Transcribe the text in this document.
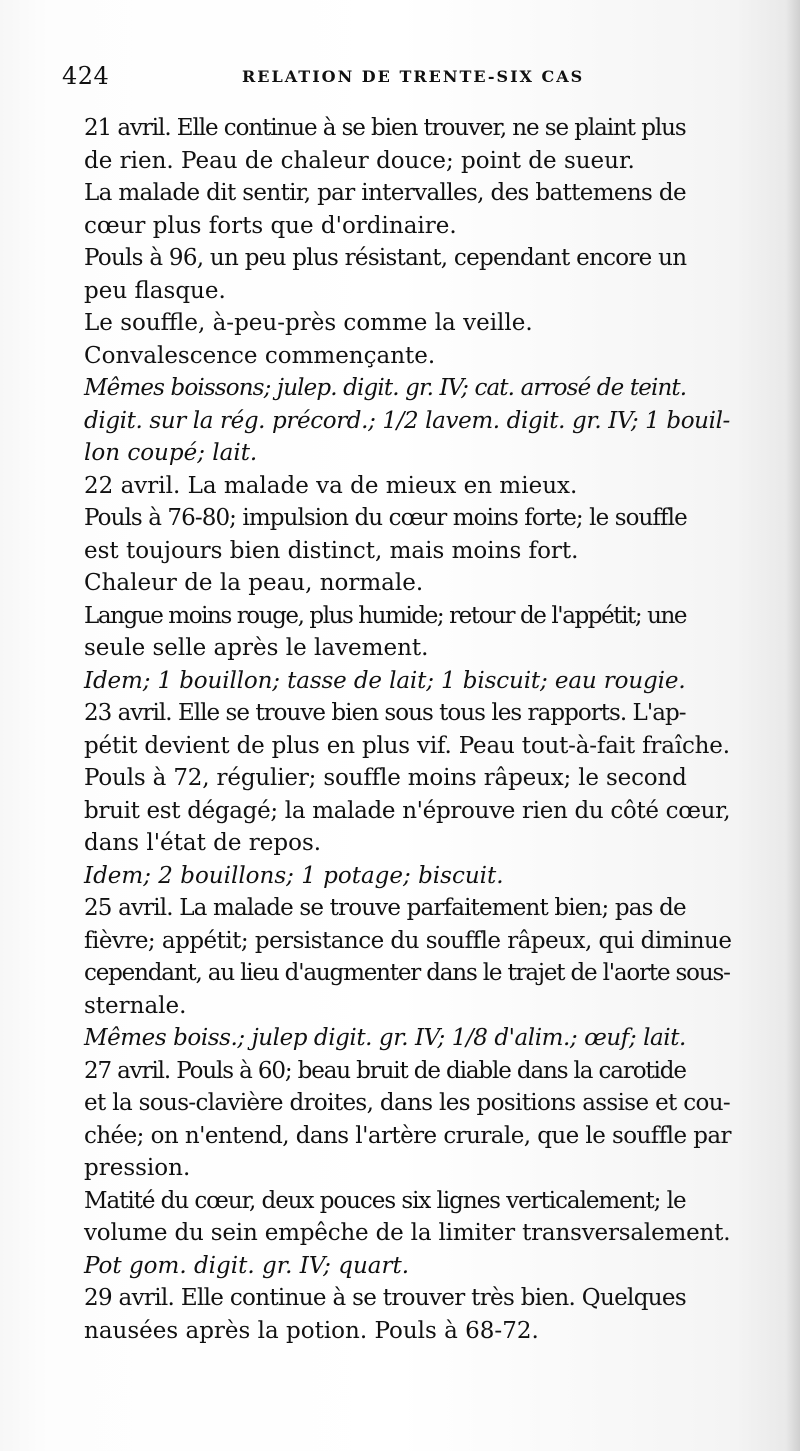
424	RELATION DE TRENTE-SIX CAS

21 avril. Elle continue à se bien trouver, ne se plaint plus
de rien. Peau de chaleur douce; point de sueur.

La malade dit sentir, par intervalles, des battemens de
cœur plus forts que d'ordinaire.

Pouls à 96, un peu plus résistant, cependant encore un
peu flasque.

Le souffle, à-peu-près comme la veille.

Convalescence commençante.

Mêmes boissons; julep. digit. gr. IV; cat. arrosé de teint.
digit. sur la rég. précord.; 1/2 lavem. digit. gr. IV; 1 bouil-
lon coupé; lait.

22 avril. La malade va de mieux en mieux.

Pouls à 76-80; impulsion du cœur moins forte; le souffle
est toujours bien distinct, mais moins fort.

Chaleur de la peau, normale.

Langue moins rouge, plus humide; retour de l'appétit; une
seule selle après le lavement.

Idem; 1 bouillon; tasse de lait; 1 biscuit; eau rougie.

23 avril. Elle se trouve bien sous tous les rapports. L'ap-
pétit devient de plus en plus vif. Peau tout-à-fait fraîche.

Pouls à 72, régulier; souffle moins râpeux; le second
bruit est dégagé; la malade n'éprouve rien du côté cœur,
dans l'état de repos.

Idem; 2 bouillons; 1 potage; biscuit.

25 avril. La malade se trouve parfaitement bien; pas de
fièvre; appétit; persistance du souffle râpeux, qui diminue
cependant, au lieu d'augmenter dans le trajet de l'aorte sous-
sternale.

Mêmes boiss.; julep digit. gr. IV; 1/8 d'alim.; œuf; lait.

27 avril. Pouls à 60; beau bruit de diable dans la carotide
et la sous-clavière droites, dans les positions assise et cou-
chée; on n'entend, dans l'artère crurale, que le souffle par
pression.

Matité du cœur, deux pouces six lignes verticalement; le
volume du sein empêche de la limiter transversalement.

Pot gom. digit. gr. IV; quart.

29 avril. Elle continue à se trouver très bien. Quelques
nausées après la potion. Pouls à 68-72.
